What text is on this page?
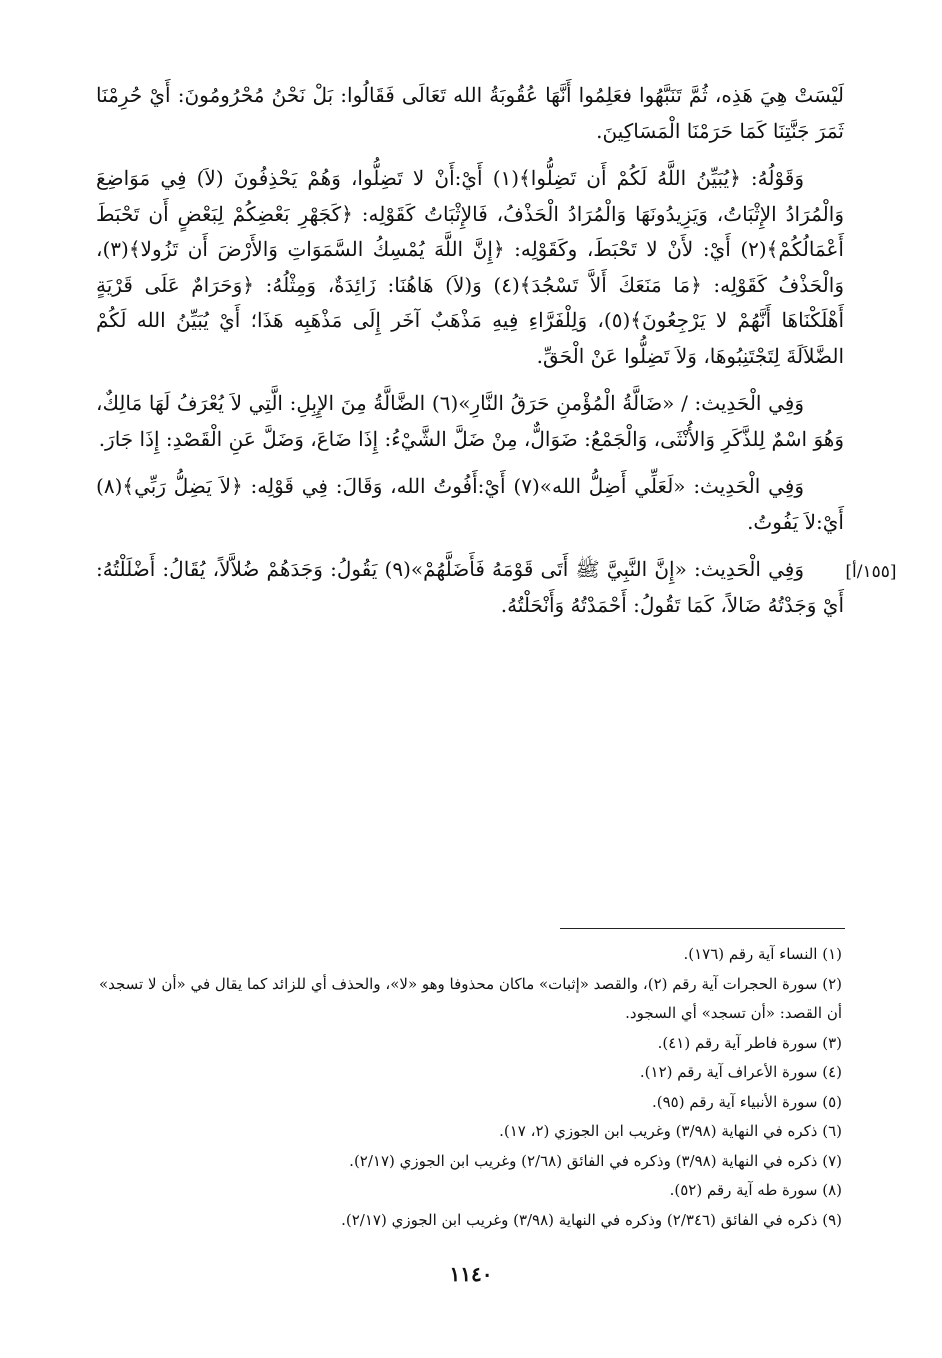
[١٥٥/أ]

لَيْسَتْ هِيَ هَذِه، ثُمَّ تَنَبَّهُوا فعَلِمُوا أَنَّهَا عُقُوبَةُ الله تَعَالَى فَقَالُوا: بَلْ نَحْنُ مُحْرُومُونَ: أَيْ حُرِمْنَا ثَمَرَ جَنَّتِنَا كَمَا حَرَمْنَا الْمَسَاكِينَ.

وَقَوْلُهُ: ﴿يُبَيِّنُ اللَّهُ لَكُمْ أَن تَضِلُّوا﴾(١) أَيْ:أَنْ لا تَضِلُّوا، وَهُمْ يَحْذِفُونَ (لاَ) فِي مَوَاضِعَ وَالْمُرَادُ الإِثْبَاتُ، وَيَزِيدُونَهَا وَالْمُرَادُ الْحَذْفُ، فَالإِثْبَاتُ كَقَوْلِه: ﴿كَجَهْرِ بَعْضِكُمْ لِبَعْضٍ أَن تَحْبَطَ أَعْمَالُكُمْ﴾(٢) أَيْ: لأَنْ لا تَحْبَطَ، وكَقَوْلِه: ﴿إِنَّ اللَّهَ يُمْسِكُ السَّمَوَاتِ وَالأَرْضَ أَن تَزُولا﴾(٣)، وَالْحَذْفُ كَقَوْلِه: ﴿مَا مَنَعَكَ أَلاَّ تَسْجُدَ﴾(٤) وَ(لاَ) هَاهُنَا: زَائِدَةٌ، وَمِثْلُهُ: ﴿وَحَرَامٌ عَلَى قَرْيَةٍ أَهْلَكْنَاهَا أَنَّهُمْ لا يَرْجِعُونَ﴾(٥)، وَلِلْفَرَّاءِ فِيهِ مَذْهَبٌ آخَر إِلَى مَذْهَبِه هَذَا؛ أَيْ يُبَيِّنُ الله لَكُمْ الضَّلاَلَةَ لِتَجْتَنِبُوهَا، وَلاَ تَضِلُّوا عَنْ الْحَقِّ.

وَفِي الْحَدِيث: / «ضَالَّةُ الْمُؤْمنِ حَرَقُ النَّارِ»(٦) الضَّالَّةُ مِنَ الإِبِلِ: الَّتِي لاَ يُعْرَفُ لَهَا مَالِكٌ، وَهُوَ اسْمٌ لِلذَّكَرِ وَالأُنْثَى، وَالْجَمْعُ: ضَوَالٌّ، مِنْ ضَلَّ الشَّيْءُ: إِذَا ضَاعَ، وَضَلَّ عَنِ الْقَصْدِ: إِذَا جَارَ.

وَفِي الْحَدِيث: «لَعَلِّي أَضِلُّ الله»(٧) أَيْ:أَفُوتُ الله، وَقَالَ: فِي قَوْلِه: ﴿لاَ يَضِلُّ رَبِّي﴾(٨) أَيْ:لاَ يَفُوتُ.

وَفِي الْحَدِيث: «إِنَّ النَّبِيَّ ﷺ أَتَى قَوْمَهُ فَأَضَلَّهُمْ»(٩) يَقُولُ: وَجَدَهُمْ ضُلاَّلاً، يُقَالُ: أَضْلَلْتُهُ: أَيْ وَجَدْتُهُ ضَالاً، كَمَا تَقُولُ: أَحْمَدْتُهُ وَأَنْحَلْتُهُ.

(١) النساء آية رقم (١٧٦).

(٢) سورة الحجرات آية رقم (٢)، والقصد «إثبات» ماكان محذوفا وهو «لا»، والحذف أي للزائد كما يقال في «أن لا تسجد» أن القصد: «أن تسجد» أي السجود.

(٣) سورة فاطر آية رقم (٤١).

(٤) سورة الأعراف آية رقم (١٢).

(٥) سورة الأنبياء آية رقم (٩٥).

(٦) ذكره في النهاية (٣/٩٨) وغريب ابن الجوزي (٢، ١٧).

(٧) ذكره في النهاية (٣/٩٨) وذكره في الفائق (٢/٦٨) وغريب ابن الجوزي (٢/١٧).

(٨) سورة طه آية رقم (٥٢).

(٩) ذكره في الفائق (٢/٣٤٦) وذكره في النهاية (٣/٩٨) وغريب ابن الجوزي (٢/١٧).

١١٤٠
